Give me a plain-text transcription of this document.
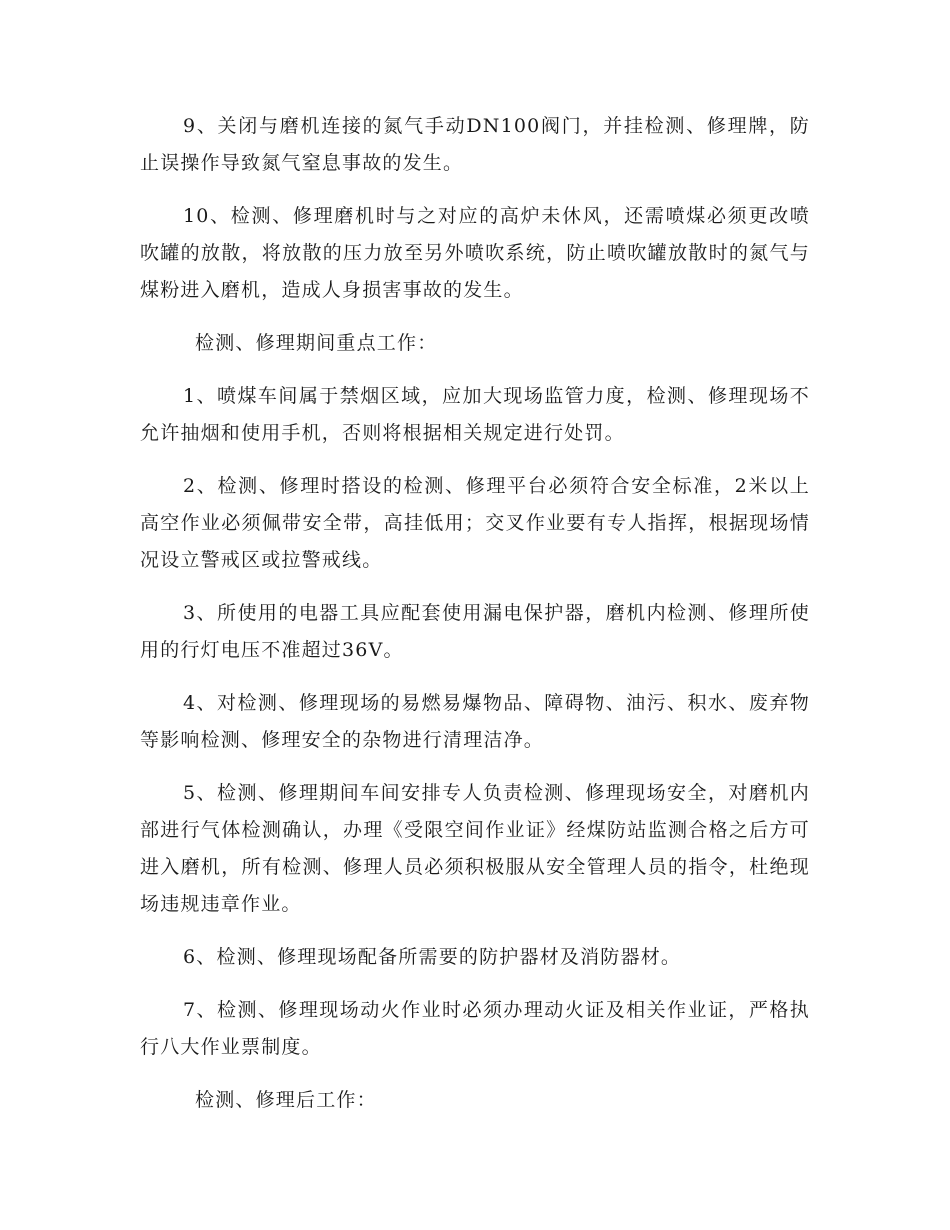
9、关闭与磨机连接的氮气手动DN100阀门，并挂检测、修理牌，防止误操作导致氮气窒息事故的发生。

10、检测、修理磨机时与之对应的高炉未休风，还需喷煤必须更改喷吹罐的放散，将放散的压力放至另外喷吹系统，防止喷吹罐放散时的氮气与煤粉进入磨机，造成人身损害事故的发生。

检测、修理期间重点工作：

1、喷煤车间属于禁烟区域，应加大现场监管力度，检测、修理现场不允许抽烟和使用手机，否则将根据相关规定进行处罚。

2、检测、修理时搭设的检测、修理平台必须符合安全标准，2米以上高空作业必须佩带安全带，高挂低用；交叉作业要有专人指挥，根据现场情况设立警戒区或拉警戒线。

3、所使用的电器工具应配套使用漏电保护器，磨机内检测、修理所使用的行灯电压不准超过36V。

4、对检测、修理现场的易燃易爆物品、障碍物、油污、积水、废弃物等影响检测、修理安全的杂物进行清理洁净。

5、检测、修理期间车间安排专人负责检测、修理现场安全，对磨机内部进行气体检测确认，办理《受限空间作业证》经煤防站监测合格之后方可进入磨机，所有检测、修理人员必须积极服从安全管理人员的指令，杜绝现场违规违章作业。

6、检测、修理现场配备所需要的防护器材及消防器材。

7、检测、修理现场动火作业时必须办理动火证及相关作业证，严格执行八大作业票制度。

检测、修理后工作：
